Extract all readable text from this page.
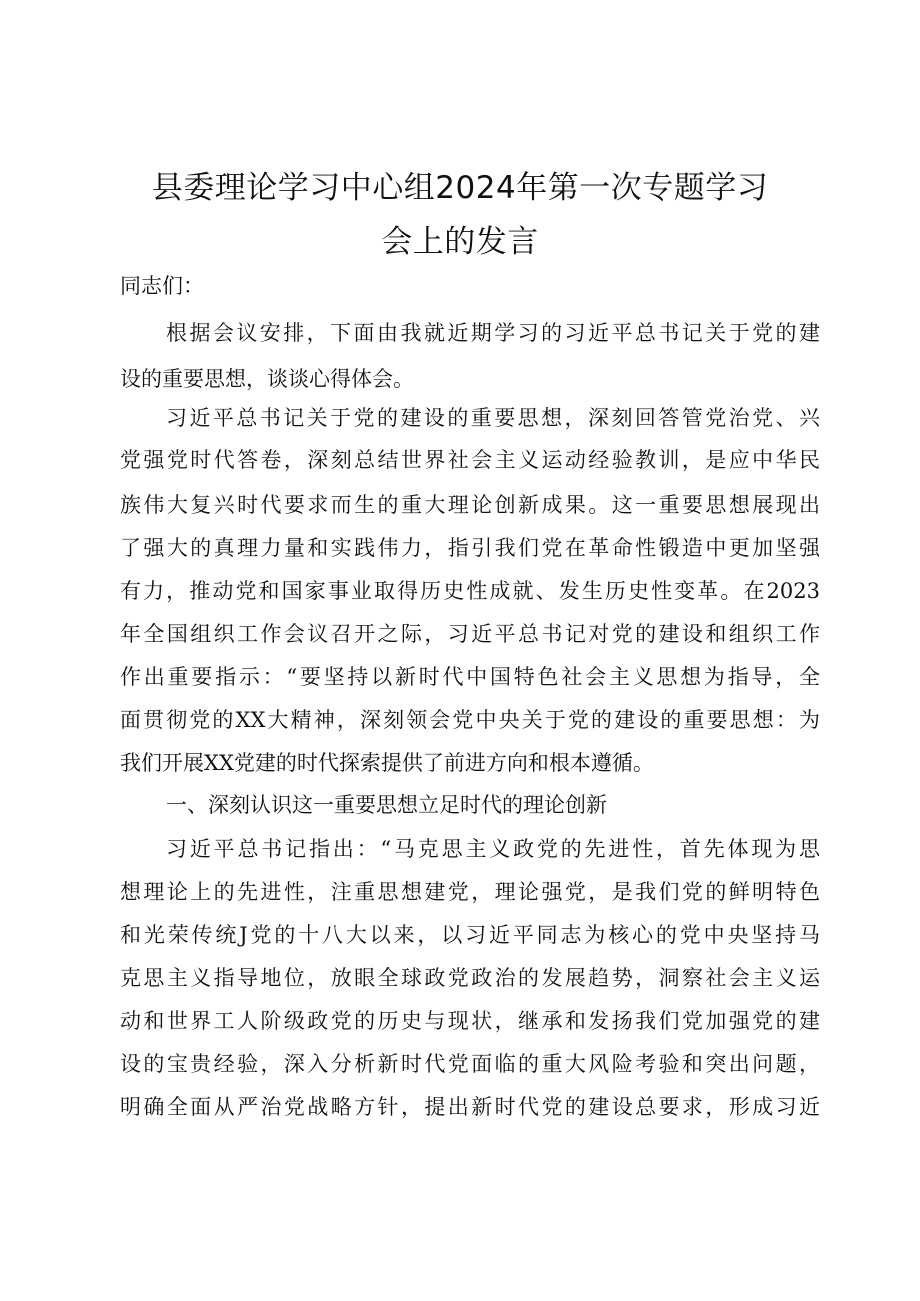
县委理论学习中心组2024年第一次专题学习
会上的发言
同志们：
根据会议安排，下面由我就近期学习的习近平总书记关于党的建
设的重要思想，谈谈心得体会。
习近平总书记关于党的建设的重要思想，深刻回答管党治党、兴
党强党时代答卷，深刻总结世界社会主义运动经验教训，是应中华民
族伟大复兴时代要求而生的重大理论创新成果。这一重要思想展现出
了强大的真理力量和实践伟力，指引我们党在革命性锻造中更加坚强
有力，推动党和国家事业取得历史性成就、发生历史性变革。在2023
年全国组织工作会议召开之际，习近平总书记对党的建设和组织工作
作出重要指示：“要坚持以新时代中国特色社会主义思想为指导，全
面贯彻党的XX大精神，深刻领会党中央关于党的建设的重要思想：为
我们开展XX党建的时代探索提供了前进方向和根本遵循。
一、深刻认识这一重要思想立足时代的理论创新
习近平总书记指出：“马克思主义政党的先进性，首先体现为思
想理论上的先进性，注重思想建党，理论强党，是我们党的鲜明特色
和光荣传统J党的十八大以来，以习近平同志为核心的党中央坚持马
克思主义指导地位，放眼全球政党政治的发展趋势，洞察社会主义运
动和世界工人阶级政党的历史与现状，继承和发扬我们党加强党的建
设的宝贵经验，深入分析新时代党面临的重大风险考验和突出问题，
明确全面从严治党战略方针，提出新时代党的建设总要求，形成习近
